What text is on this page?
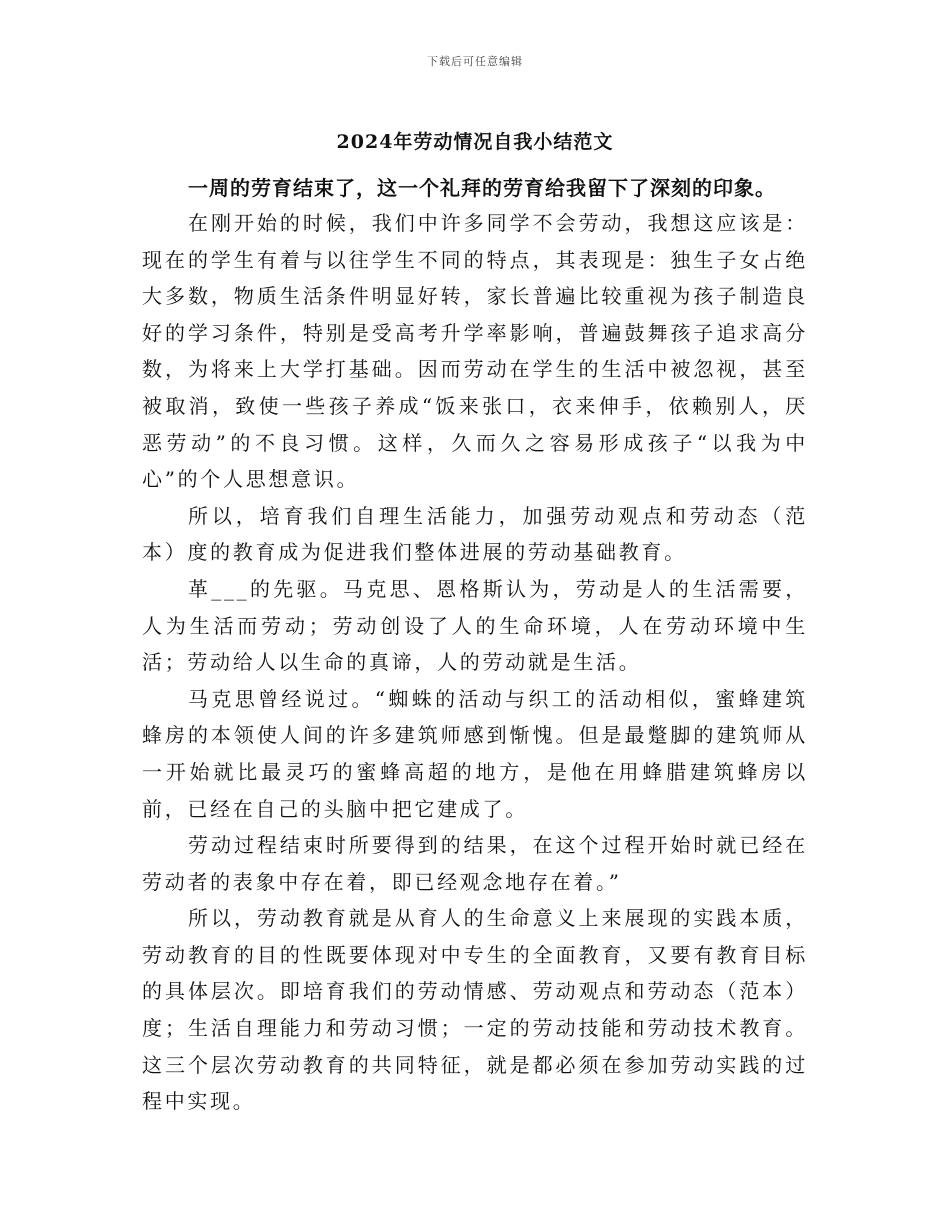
下载后可任意编辑
2024年劳动情况自我小结范文
一周的劳育结束了，这一个礼拜的劳育给我留下了深刻的印象。

在刚开始的时候，我们中许多同学不会劳动，我想这应该是：现在的学生有着与以往学生不同的特点，其表现是：独生子女占绝大多数，物质生活条件明显好转，家长普遍比较重视为孩子制造良好的学习条件，特别是受高考升学率影响，普遍鼓舞孩子追求高分数，为将来上大学打基础。因而劳动在学生的生活中被忽视，甚至被取消，致使一些孩子养成“饭来张口，衣来伸手，依赖别人，厌恶劳动”的不良习惯。这样，久而久之容易形成孩子“以我为中心”的个人思想意识。

所以，培育我们自理生活能力，加强劳动观点和劳动态（范本）度的教育成为促进我们整体进展的劳动基础教育。

革___的先驱。马克思、恩格斯认为，劳动是人的生活需要，人为生活而劳动；劳动创设了人的生命环境，人在劳动环境中生活；劳动给人以生命的真谛，人的劳动就是生活。

马克思曾经说过。“蜘蛛的活动与织工的活动相似，蜜蜂建筑蜂房的本领使人间的许多建筑师感到惭愧。但是最蹩脚的建筑师从一开始就比最灵巧的蜜蜂高超的地方，是他在用蜂腊建筑蜂房以前，已经在自己的头脑中把它建成了。

劳动过程结束时所要得到的结果，在这个过程开始时就已经在劳动者的表象中存在着，即已经观念地存在着。”

所以，劳动教育就是从育人的生命意义上来展现的实践本质，劳动教育的目的性既要体现对中专生的全面教育，又要有教育目标的具体层次。即培育我们的劳动情感、劳动观点和劳动态（范本）度；生活自理能力和劳动习惯；一定的劳动技能和劳动技术教育。这三个层次劳动教育的共同特征，就是都必须在参加劳动实践的过程中实现。
